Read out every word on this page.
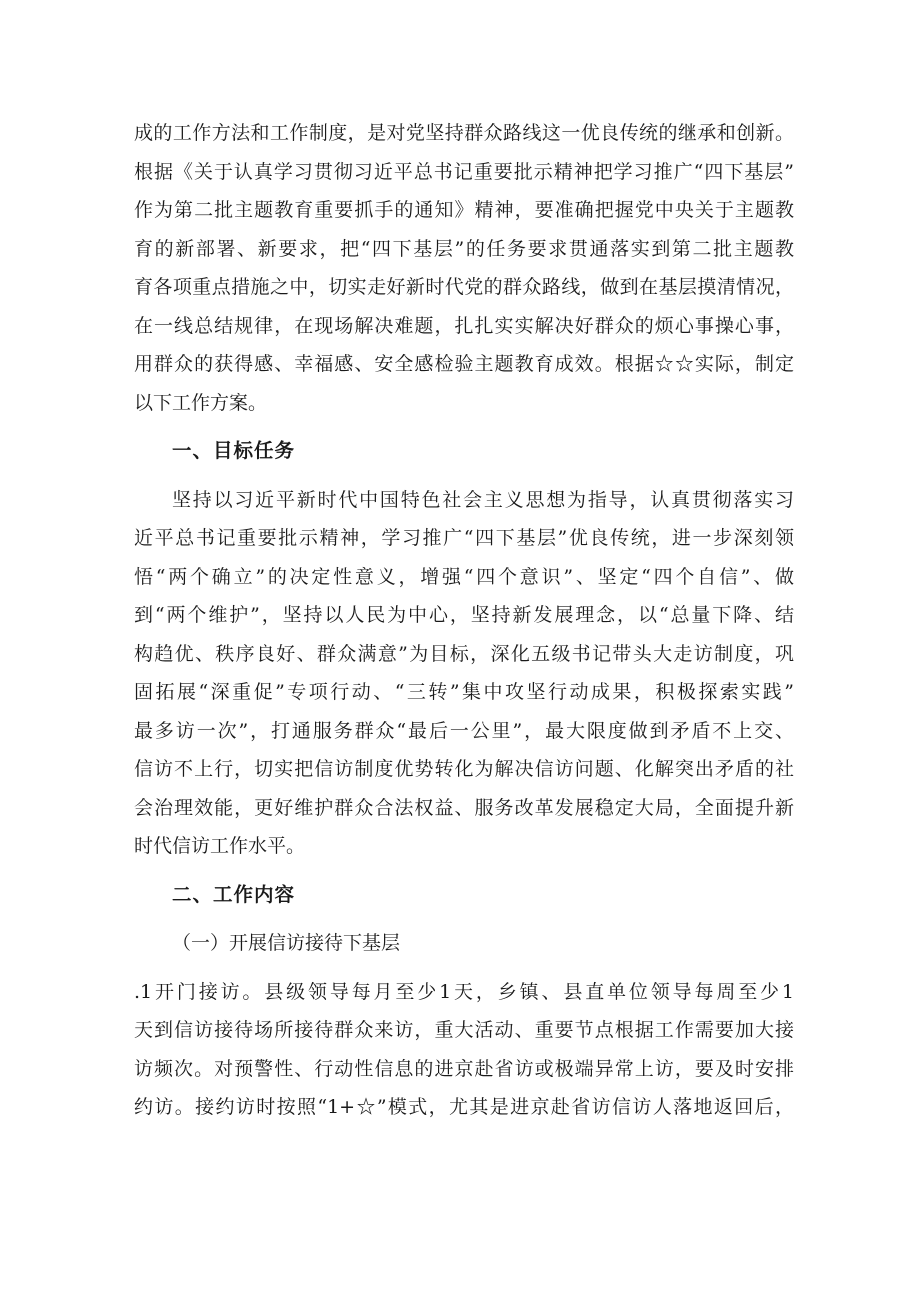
成的工作方法和工作制度，是对党坚持群众路线这一优良传统的继承和创新。
根据《关于认真学习贯彻习近平总书记重要批示精神把学习推广“四下基层”
作为第二批主题教育重要抓手的通知》精神，要准确把握党中央关于主题教
育的新部署、新要求，把“四下基层”的任务要求贯通落实到第二批主题教
育各项重点措施之中，切实走好新时代党的群众路线，做到在基层摸清情况，
在一线总结规律，在现场解决难题，扎扎实实解决好群众的烦心事操心事，
用群众的获得感、幸福感、安全感检验主题教育成效。根据☆☆实际，制定
以下工作方案。
一、目标任务
坚持以习近平新时代中国特色社会主义思想为指导，认真贯彻落实习
近平总书记重要批示精神，学习推广“四下基层”优良传统，进一步深刻领
悟“两个确立”的决定性意义，增强“四个意识”、坚定“四个自信”、做
到“两个维护”，坚持以人民为中心，坚持新发展理念，以“总量下降、结
构趋优、秩序良好、群众满意”为目标，深化五级书记带头大走访制度，巩
固拓展“深重促”专项行动、“三转”集中攻坚行动成果，积极探索实践”
最多访一次”，打通服务群众“最后一公里”，最大限度做到矛盾不上交、
信访不上行，切实把信访制度优势转化为解决信访问题、化解突出矛盾的社
会治理效能，更好维护群众合法权益、服务改革发展稳定大局，全面提升新
时代信访工作水平。
二、工作内容
（一）开展信访接待下基层
.1开门接访。县级领导每月至少1天，乡镇、县直单位领导每周至少1
天到信访接待场所接待群众来访，重大活动、重要节点根据工作需要加大接
访频次。对预警性、行动性信息的进京赴省访或极端异常上访，要及时安排
约访。接约访时按照“1+☆”模式，尤其是进京赴省访信访人落地返回后，
